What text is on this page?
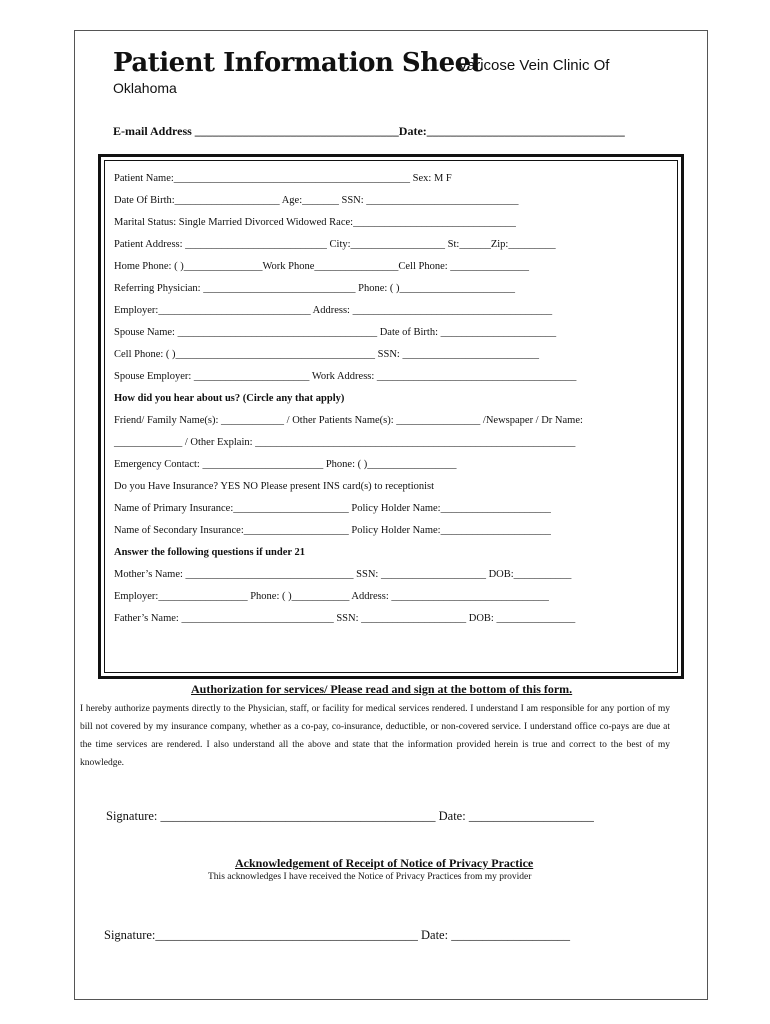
Patient Information Sheet
Varicose Vein Clinic Of
Oklahoma
E-mail Address __________________________________Date:_________________________________
Patient Name:_____________________________________________ Sex: M F
Date Of Birth:____________________ Age:_______ SSN: _____________________________
Marital Status: Single Married Divorced Widowed Race:_______________________________
Patient Address: ___________________________ City:__________________ St:______Zip:_________
Home Phone: ( )_______________Work Phone________________Cell Phone: _______________
Referring Physician: _____________________________ Phone: ( )______________________
Employer:_____________________________ Address: ______________________________________
Spouse Name: ______________________________________ Date of Birth: ______________________
Cell Phone: ( )______________________________________ SSN: __________________________
Spouse Employer: ______________________ Work Address: ______________________________________
How did you hear about us? (Circle any that apply)
Friend/ Family Name(s): ____________ / Other Patients Name(s): ________________ /Newspaper / Dr Name:
_____________ / Other Explain: _____________________________________________________________
Emergency Contact: _______________________ Phone: ( )_________________
Do you Have Insurance? YES NO Please present INS card(s) to receptionist
Name of Primary Insurance:______________________ Policy Holder Name:_____________________
Name of Secondary Insurance:____________________ Policy Holder Name:_____________________
Answer the following questions if under 21
Mother’s Name: ________________________________ SSN: ____________________ DOB:___________
Employer:_________________ Phone: ( )___________ Address: ______________________________
Father’s Name: _____________________________ SSN: ____________________ DOB: _______________
Authorization for services/ Please read and sign at the bottom of this form.
I hereby authorize payments directly to the Physician, staff, or facility for medical services rendered. I understand I am responsible for any portion of my bill not covered by my insurance company, whether as a co-pay, co-insurance, deductible, or non-covered service. I understand office co-pays are due at the time services are rendered. I also understand all the above and state that the information provided herein is true and correct to the best of my knowledge.
Signature: ____________________________________________ Date: ____________________
Acknowledgement of Receipt of Notice of Privacy Practice
This acknowledges I have received the Notice of Privacy Practices from my provider
Signature:__________________________________________ Date: ___________________
